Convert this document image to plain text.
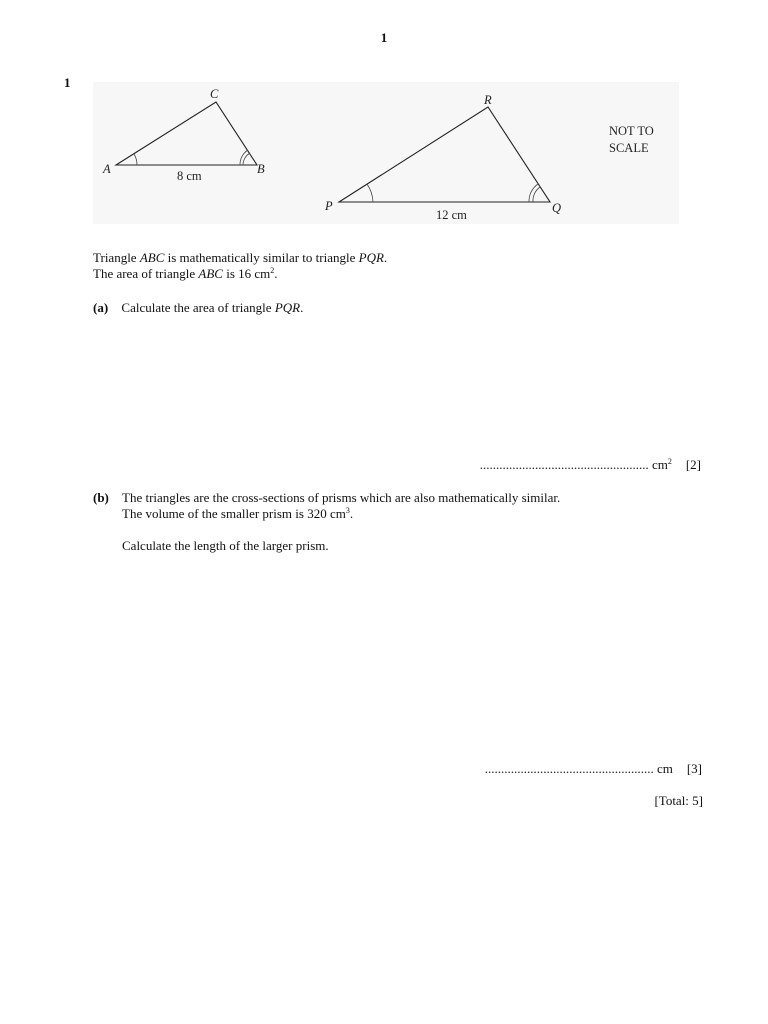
1
1
A	B
C
8 cm
P	Q
R
12 cm
NOT TO
SCALE
Triangle ABC is mathematically similar to triangle PQR.
The area of triangle ABC is 16 $cm^2$.
(a) Calculate the area of triangle PQR.
.................................................... $cm^2$ [2]
(b) The triangles are the cross-sections of prisms which are also mathematically similar.
The volume of the smaller prism is 320 $cm^3$.
Calculate the length of the larger prism.
.................................................... cm [3]
[Total: 5]
